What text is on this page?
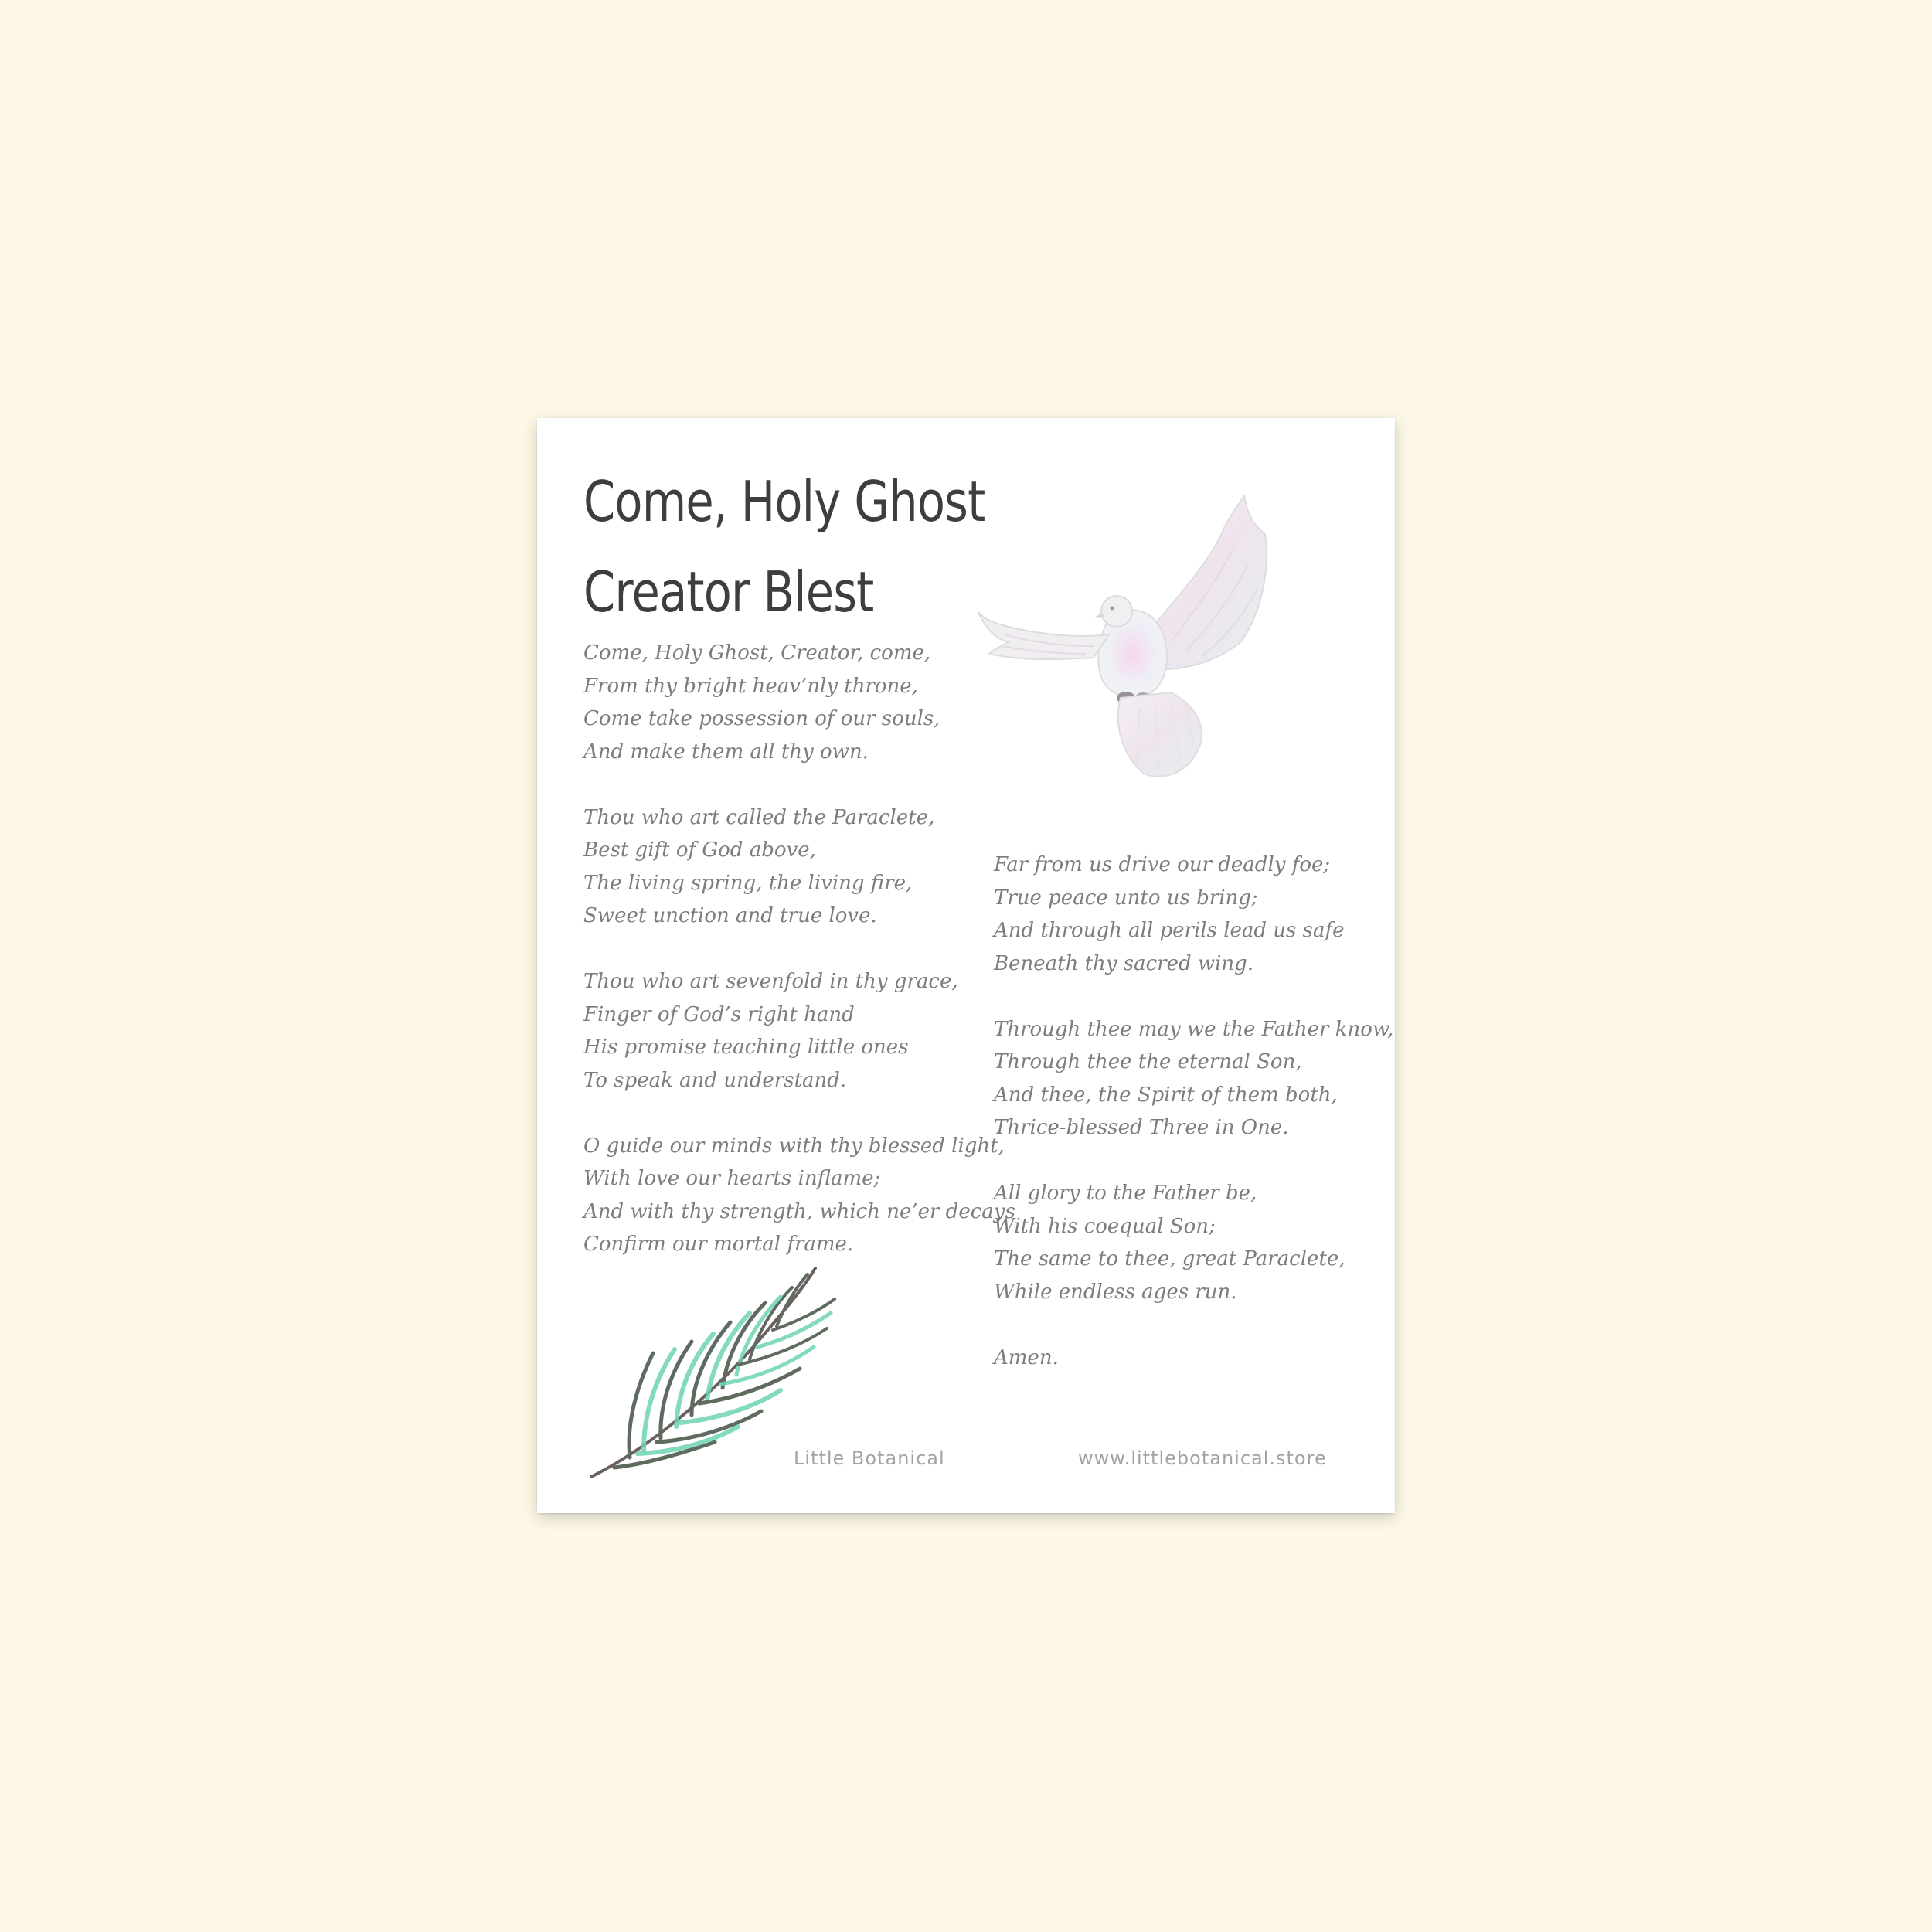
Come, Holy Ghost
Creator Blest
Come, Holy Ghost, Creator, come,
From thy bright heav’nly throne,
Come take possession of our souls,
And make them all thy own.
Thou who art called the Paraclete,
Best gift of God above,
The living spring, the living fire,
Sweet unction and true love.
Thou who art sevenfold in thy grace,
Finger of God’s right hand
His promise teaching little ones
To speak and understand.
O guide our minds with thy blessed light,
With love our hearts inflame;
And with thy strength, which ne’er decays
Confirm our mortal frame.
Far from us drive our deadly foe;
True peace unto us bring;
And through all perils lead us safe
Beneath thy sacred wing.
Through thee may we the Father know,
Through thee the eternal Son,
And thee, the Spirit of them both,
Thrice-blessed Three in One.
All glory to the Father be,
With his coequal Son;
The same to thee, great Paraclete,
While endless ages run.
Amen.
Little Botanical	www.littlebotanical.store
